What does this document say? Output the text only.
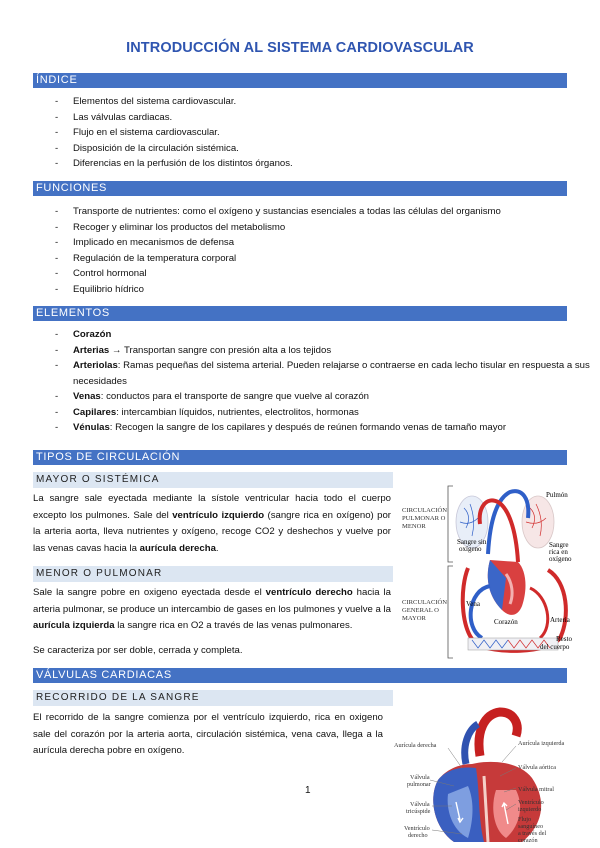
INTRODUCCIÓN AL SISTEMA CARDIOVASCULAR
ÍNDICE
- Elementos del sistema cardiovascular.
- Las válvulas cardiacas.
- Flujo en el sistema cardiovascular.
- Disposición de la circulación sistémica.
- Diferencias en la perfusión de los distintos órganos.
FUNCIONES
- Transporte de nutrientes: como el oxígeno y sustancias esenciales a todas las células del organismo
- Recoger y eliminar los productos del metabolismo
- Implicado en mecanismos de defensa
- Regulación de la temperatura corporal
- Control hormonal
- Equilibrio hídrico
ELEMENTOS
- Corazón
- Arterias → Transportan sangre con presión alta a los tejidos
- Arteriolas: Ramas pequeñas del sistema arterial. Pueden relajarse o contraerse en cada lecho tisular en respuesta a sus necesidades
- Venas: conductos para el transporte de sangre que vuelve al corazón
- Capilares: intercambian líquidos, nutrientes, electrolitos, hormonas
- Vénulas: Recogen la sangre de los capilares y después de reúnen formando venas de tamaño mayor
TIPOS DE CIRCULACIÓN
MAYOR O SISTÉMICA

La sangre sale eyectada mediante la sístole ventricular hacia todo el cuerpo excepto los pulmones. Sale del ventrículo izquierdo (sangre rica en oxígeno) por la arteria aorta, lleva nutrientes y oxígeno, recoge CO2 y deshechos y vuelve por las venas cavas hacia la aurícula derecha.

MENOR O PULMONAR

Sale la sangre pobre en oxigeno eyectada desde el ventrículo derecho hacia la arteria pulmonar, se produce un intercambio de gases en los pulmones y vuelve a la aurícula izquierda la sangre rica en O2 a través de las venas pulmonares.

Se caracteriza por ser doble, cerrada y completa.

CIRCULACIÓN
PULMONAR O
MENOR
CIRCULACIÓN
GENERAL O
MAYOR
Pulmón
Sangre sin
oxígeno	Sangre
rica en
oxígeno
Vena
Corazón	Arteria
Resto
del cuerpo
VÁLVULAS CARDIACAS
RECORRIDO DE LA SANGRE

El recorrido de la sangre comienza por el ventrículo izquierdo, rica en oxigeno sale del corazón por la arteria aorta, circulación sistémica, vena cava, llega a la aurícula derecha pobre en oxígeno.	Aurícula derecha	Aurícula izquierda
Válvula aórtica
Válvula
pulmonar
Válvula mitral
Válvula
tricúspide
Ventrículo
izquierdo
Ventrículo
derecho
Flujo
sanguíneo
a través del
corazón
1
